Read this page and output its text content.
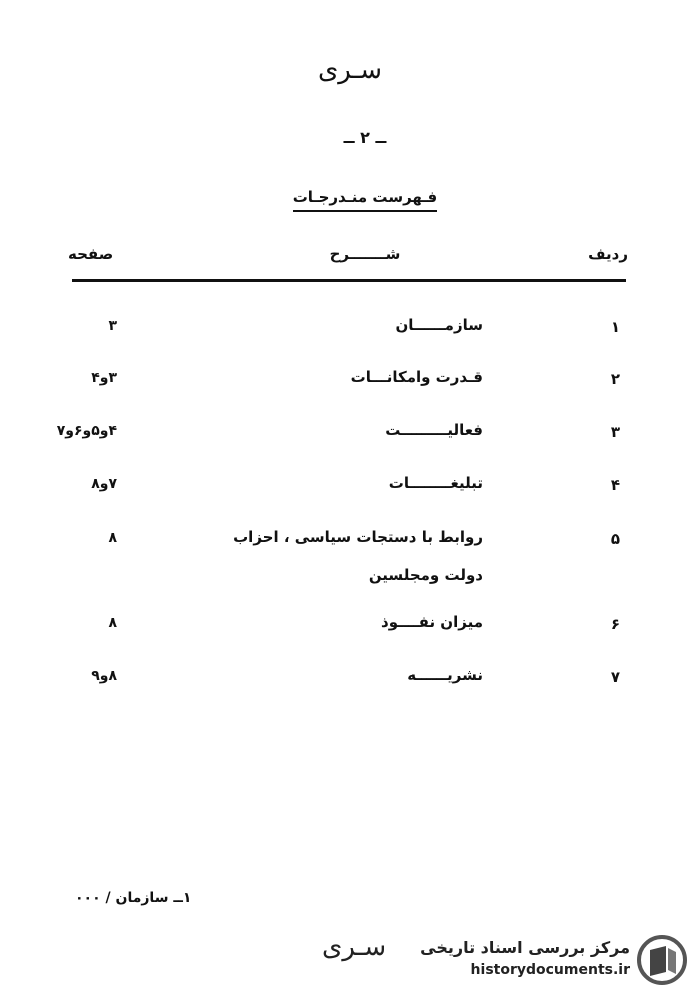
سـری
ــ ۲ ــ
فـهرست منـدرجـات
ردیف
شـــــــرح
صفحه
۱
سازمــــــان
۳
۲
قـدرت وامکانـــات
۳و۴
۳
فعالیـــــــــت
۴و۵و۶و۷
۴
تبلیغــــــــات
۷و۸
۵
روابط با دستجات سیاسی ، احزاب
دولت ومجلسین
۸
۶
میزان نفــــوذ
۸
۷
نشریــــــه
۸و۹
۱ــ سازمان / ۰۰۰
سـری مرکز بررسی اسناد تاریخی
historydocuments.ir
